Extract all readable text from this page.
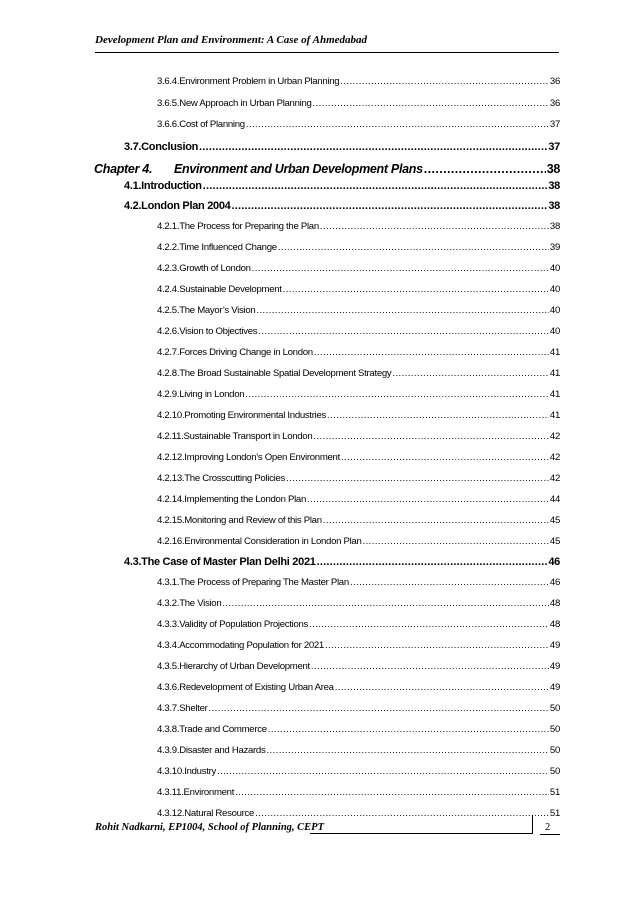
Development Plan and Environment: A Case of Ahmedabad
3.6.4.Environment Problem in Urban Planning .....	36
3.6.5.New Approach in Urban Planning .....	36
3.6.6.Cost of Planning .....	37
3.7.Conclusion .....	37
Chapter 4.	Environment and Urban Development Plans .....	38
4.1.Introduction .....	38
4.2.London Plan 2004 .....	38
4.2.1.The Process for Preparing the Plan .....	38
4.2.2.Time Influenced Change .....	39
4.2.3.Growth of London .....	40
4.2.4.Sustainable Development .....	40
4.2.5.The Mayor’s Vision .....	40
4.2.6.Vision to Objectives .....	40
4.2.7.Forces Driving Change in London .....	41
4.2.8.The Broad Sustainable Spatial Development Strategy .....	41
4.2.9.Living in London .....	41
4.2.10.Promoting Environmental Industries .....	41
4.2.11.Sustainable Transport in London .....	42
4.2.12.Improving London’s Open Environment .....	42
4.2.13.The Crosscutting Policies .....	42
4.2.14.Implementing the London Plan .....	44
4.2.15.Monitoring and Review of this Plan .....	45
4.2.16.Environmental Consideration in London Plan .....	45
4.3.The Case of Master Plan Delhi 2021 .....	46
4.3.1.The Process of Preparing The Master Plan .....	46
4.3.2.The Vision .....	48
4.3.3.Validity of Population Projections .....	48
4.3.4.Accommodating Population for 2021 .....	49
4.3.5.Hierarchy of Urban Development .....	49
4.3.6.Redevelopment of Existing Urban Area .....	49
4.3.7.Shelter .....	50
4.3.8.Trade and Commerce .....	50
4.3.9.Disaster and Hazards .....	50
4.3.10.Industry .....	50
4.3.11.Environment .....	51
4.3.12.Natural Resource .....	51
Rohit Nadkarni, EP1004, School of Planning, CEPT	2
